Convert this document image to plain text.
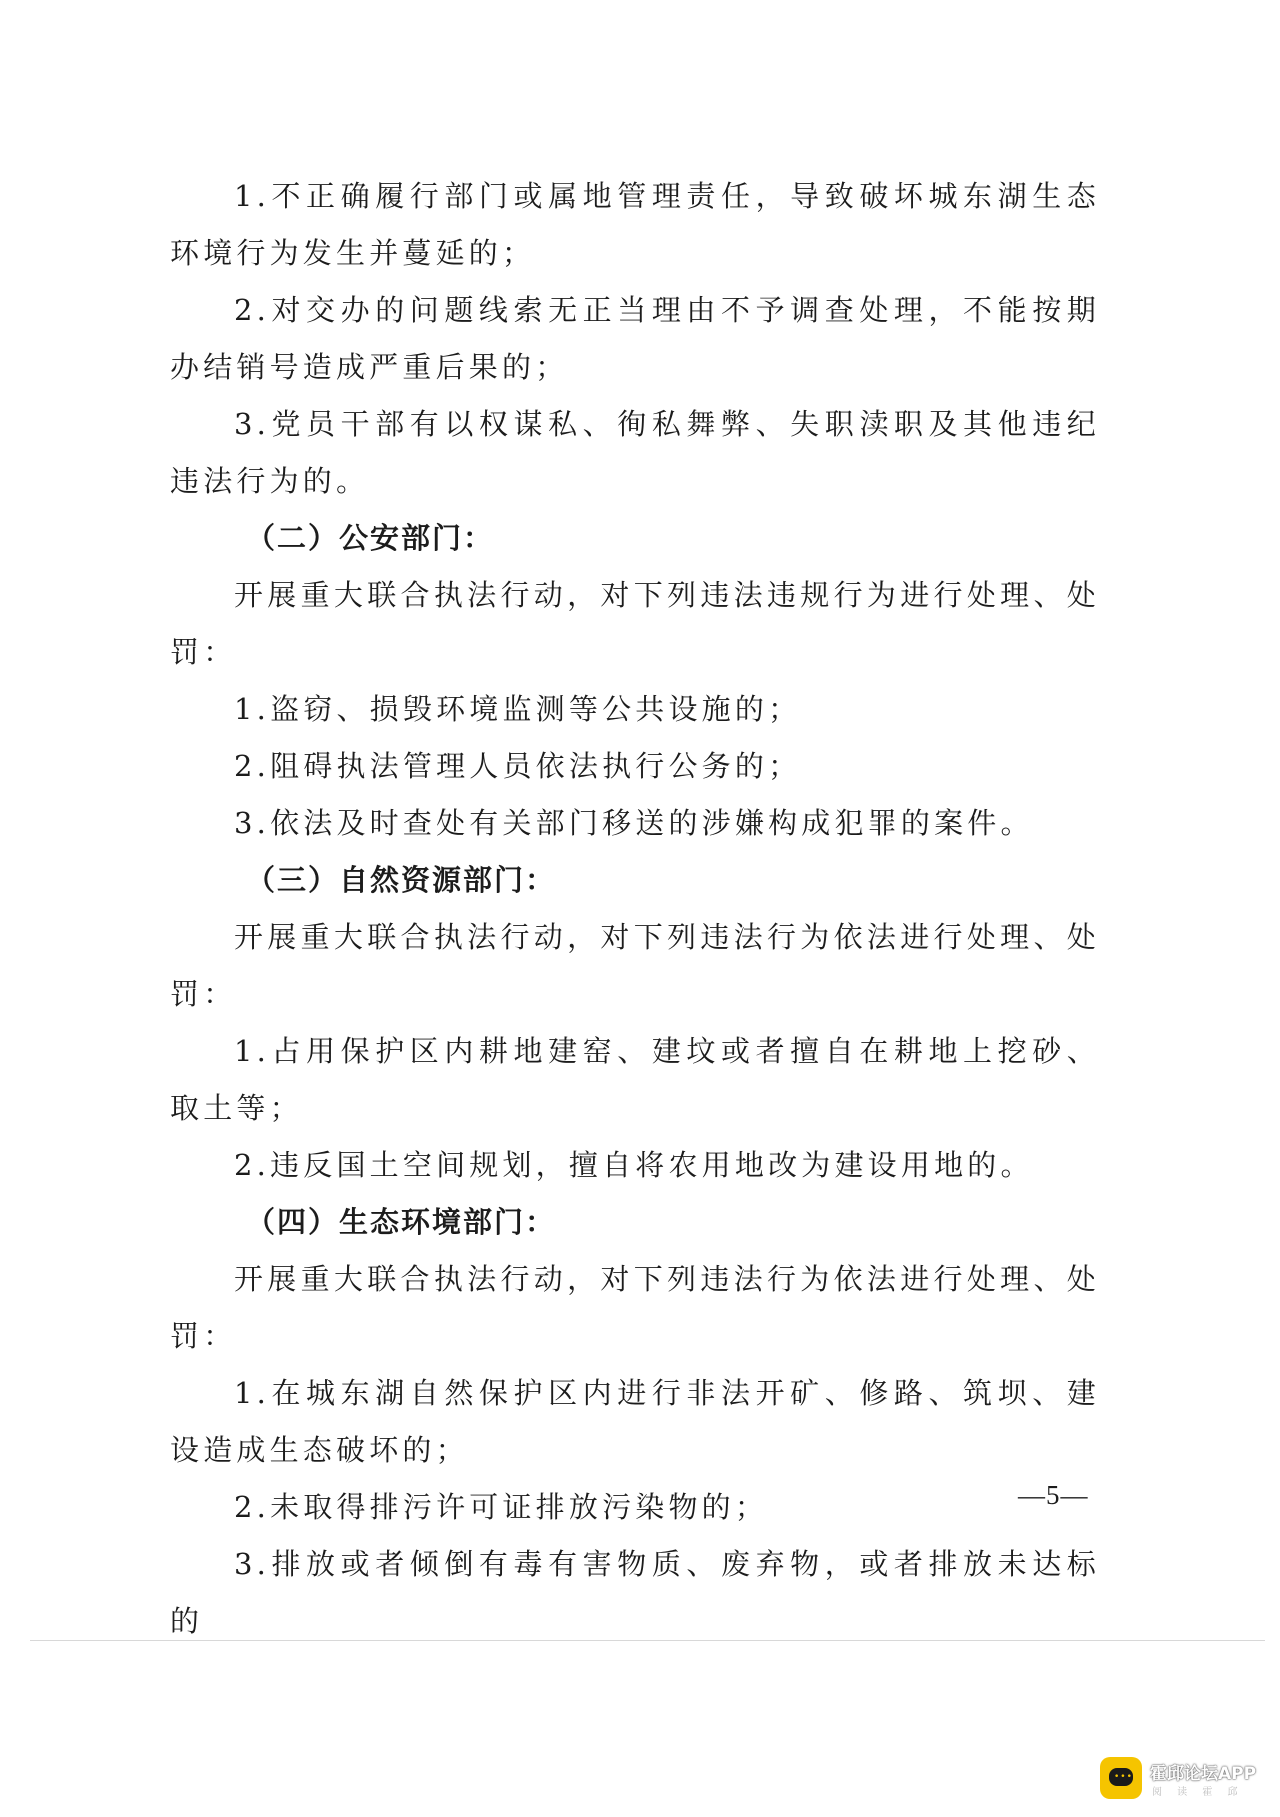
1.不正确履行部门或属地管理责任，导致破坏城东湖生态环境行为发生并蔓延的；

2.对交办的问题线索无正当理由不予调查处理，不能按期办结销号造成严重后果的；

3.党员干部有以权谋私、徇私舞弊、失职渎职及其他违纪违法行为的。

（二）公安部门：

开展重大联合执法行动，对下列违法违规行为进行处理、处罚：

1.盗窃、损毁环境监测等公共设施的；

2.阻碍执法管理人员依法执行公务的；

3.依法及时查处有关部门移送的涉嫌构成犯罪的案件。

（三）自然资源部门：

开展重大联合执法行动，对下列违法行为依法进行处理、处罚：

1.占用保护区内耕地建窑、建坟或者擅自在耕地上挖砂、取土等；

2.违反国土空间规划，擅自将农用地改为建设用地的。

（四）生态环境部门：

开展重大联合执法行动，对下列违法行为依法进行处理、处罚：

1.在城东湖自然保护区内进行非法开矿、修路、筑坝、建设造成生态破坏的；

2.未取得排污许可证排放污染物的；

3.排放或者倾倒有毒有害物质、废弃物，或者排放未达标的

—5—
••• 霍邱论坛APP
阅 读 霍 邱
